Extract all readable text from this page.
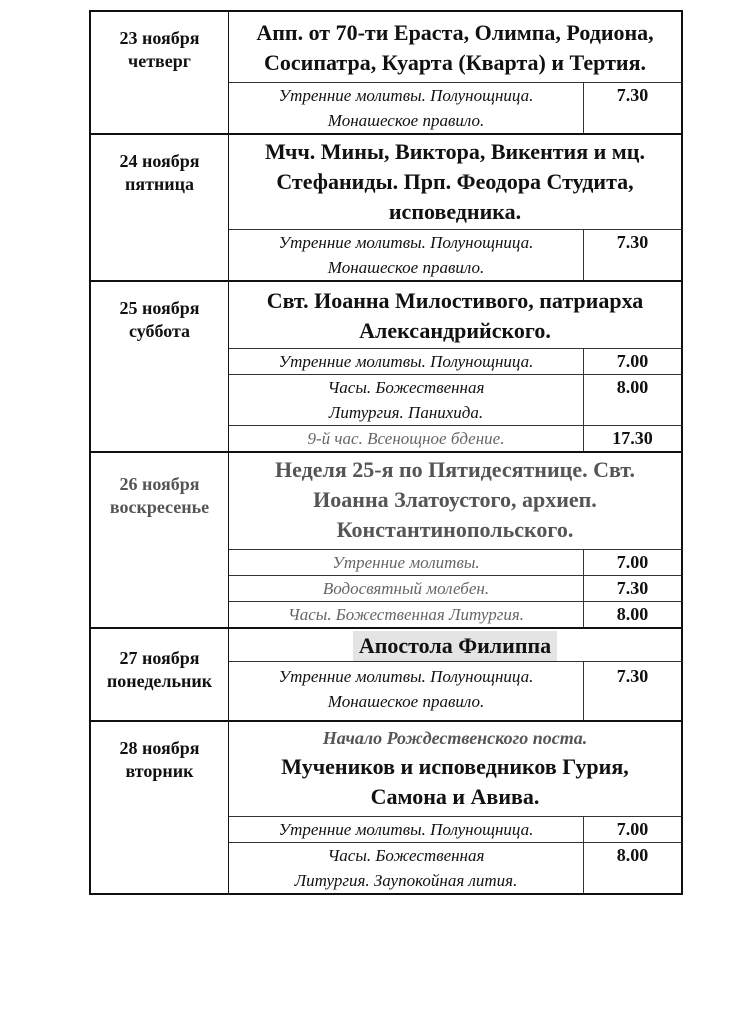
23 ноября
четверг
Апп. от 70-ти Ераста, Олимпа, Родиона, Сосипатра, Куарта (Кварта) и Тертия.
Утренние молитвы. Полунощница. Монашеское правило.
7.30
24 ноября
пятница
Мчч. Мины, Виктора, Викентия и мц. Стефаниды. Прп. Феодора Студита, исповедника.
Утренние молитвы. Полунощница. Монашеское правило.
7.30
25 ноября
суббота
Свт. Иоанна Милостивого, патриарха Александрийского.
Утренние молитвы. Полунощница.	7.00
Часы. Божественная Литургия. Панихида.
8.00
9-й час. Всенощное бдение.	17.30
26 ноября
воскресенье
Неделя 25-я по Пятидесятнице. Свт. Иоанна Златоустого, архиеп. Константинопольского.
Утренние молитвы.	7.00
Водосвятный молебен.	7.30
Часы. Божественная Литургия.	8.00
27 ноября
понедельник
Апостола Филиппа
Утренние молитвы. Полунощница. Монашеское правило.
7.30
28 ноября
вторник
Начало Рождественского поста.
Мучеников и исповедников Гурия, Самона и Авива.
Утренние молитвы. Полунощница.	7.00
Часы. Божественная Литургия. Заупокойная лития.
8.00
